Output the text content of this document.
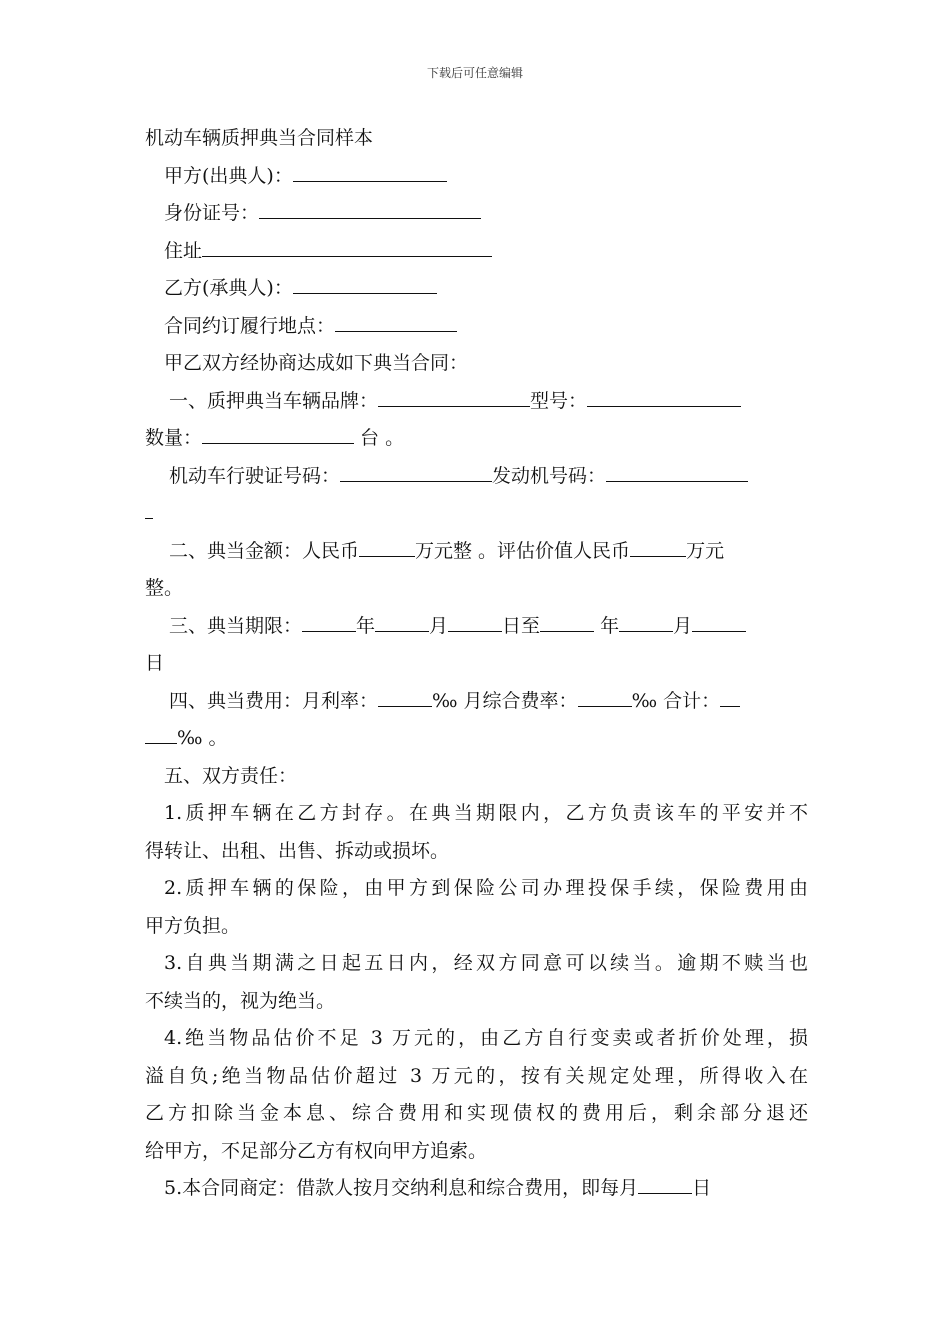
下载后可任意编辑
机动车辆质押典当合同样本
甲方(出典人)：
身份证号：
住址
乙方(承典人)：
合同约订履行地点：
甲乙双方经协商达成如下典当合同：
一、质押典当车辆品牌：	型号：
数量：	台 。
机动车行驶证号码：	发动机号码：
二、典当金额：人民币	万元整 。评估价值人民币	万元
整。
三、典当期限：	年	月	日至	年	月
日
四、典当费用：月利率：	‰ 月综合费率：	‰ 合计：
‰ 。
五、双方责任：
1.质押车辆在乙方封存。在典当期限内，乙方负责该车的平安并不
得转让、出租、出售、拆动或损坏。
2.质押车辆的保险，由甲方到保险公司办理投保手续，保险费用由
甲方负担。
3.自典当期满之日起五日内，经双方同意可以续当。逾期不赎当也
不续当的，视为绝当。
4.绝当物品估价不足 3 万元的，由乙方自行变卖或者折价处理，损
溢自负;绝当物品估价超过 3 万元的，按有关规定处理，所得收入在
乙方扣除当金本息、综合费用和实现债权的费用后，剩余部分退还
给甲方，不足部分乙方有权向甲方追索。
5.本合同商定：借款人按月交纳利息和综合费用，即每月	日
